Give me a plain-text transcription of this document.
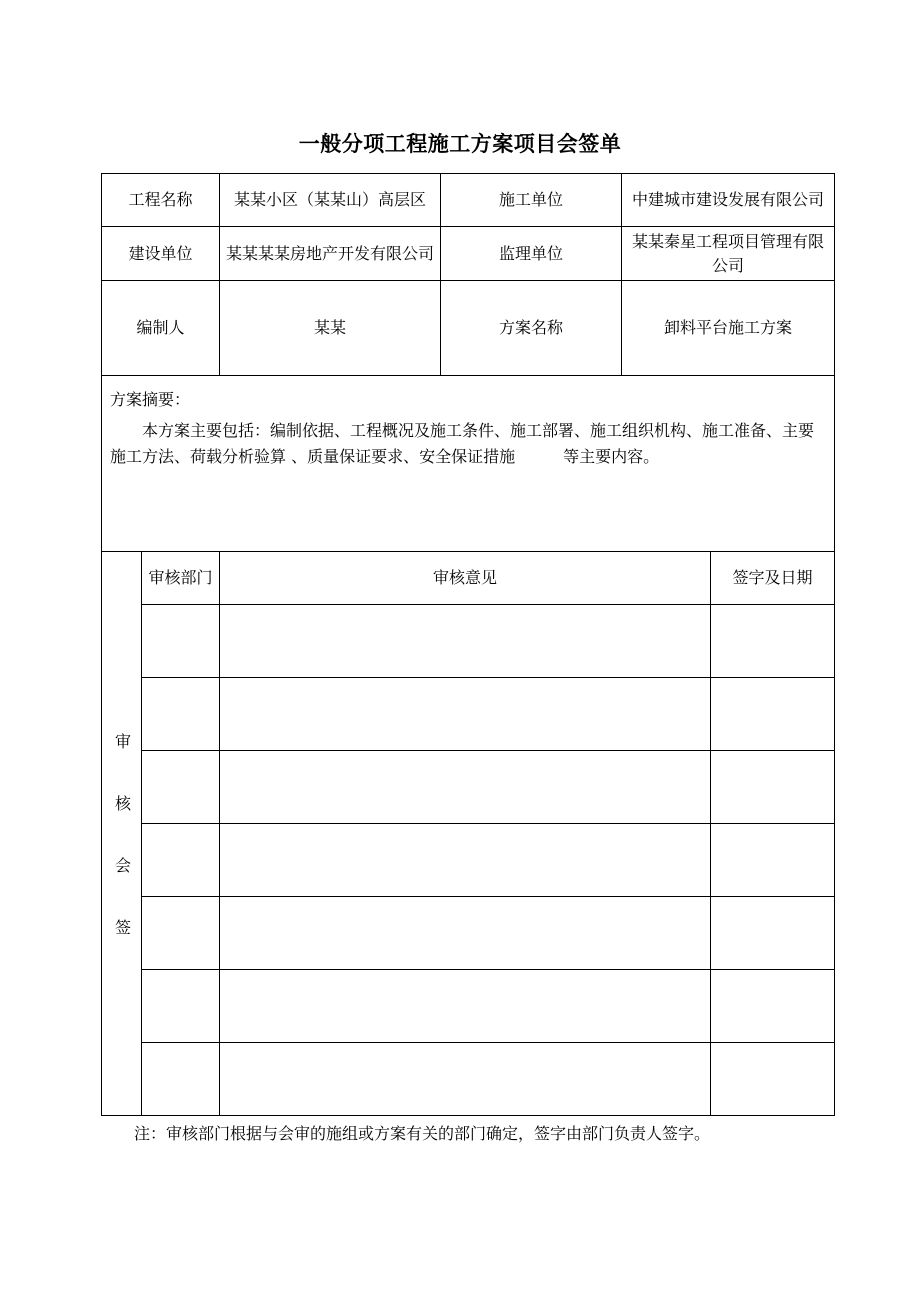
一般分项工程施工方案项目会签单
工程名称		某某小区（某某山）高层区	施工单位	中建城市建设发展有限公司	
建设单位		某某某某房地产开发有限公司	监理单位	某某秦星工程项目管理有限公司	
编制人		某某	方案名称	卸料平台施工方案	

方案摘要：
本方案主要包括：编制依据、工程概况及施工条件、施工部署、施工组织机构、施工准备、主要施工方法、荷载分析验算 、质量保证要求、安全保证措施　　　等主要内容。					

审核会签	审核部门	审核意见			签字及日期

注：审核部门根据与会审的施组或方案有关的部门确定，签字由部门负责人签字。
